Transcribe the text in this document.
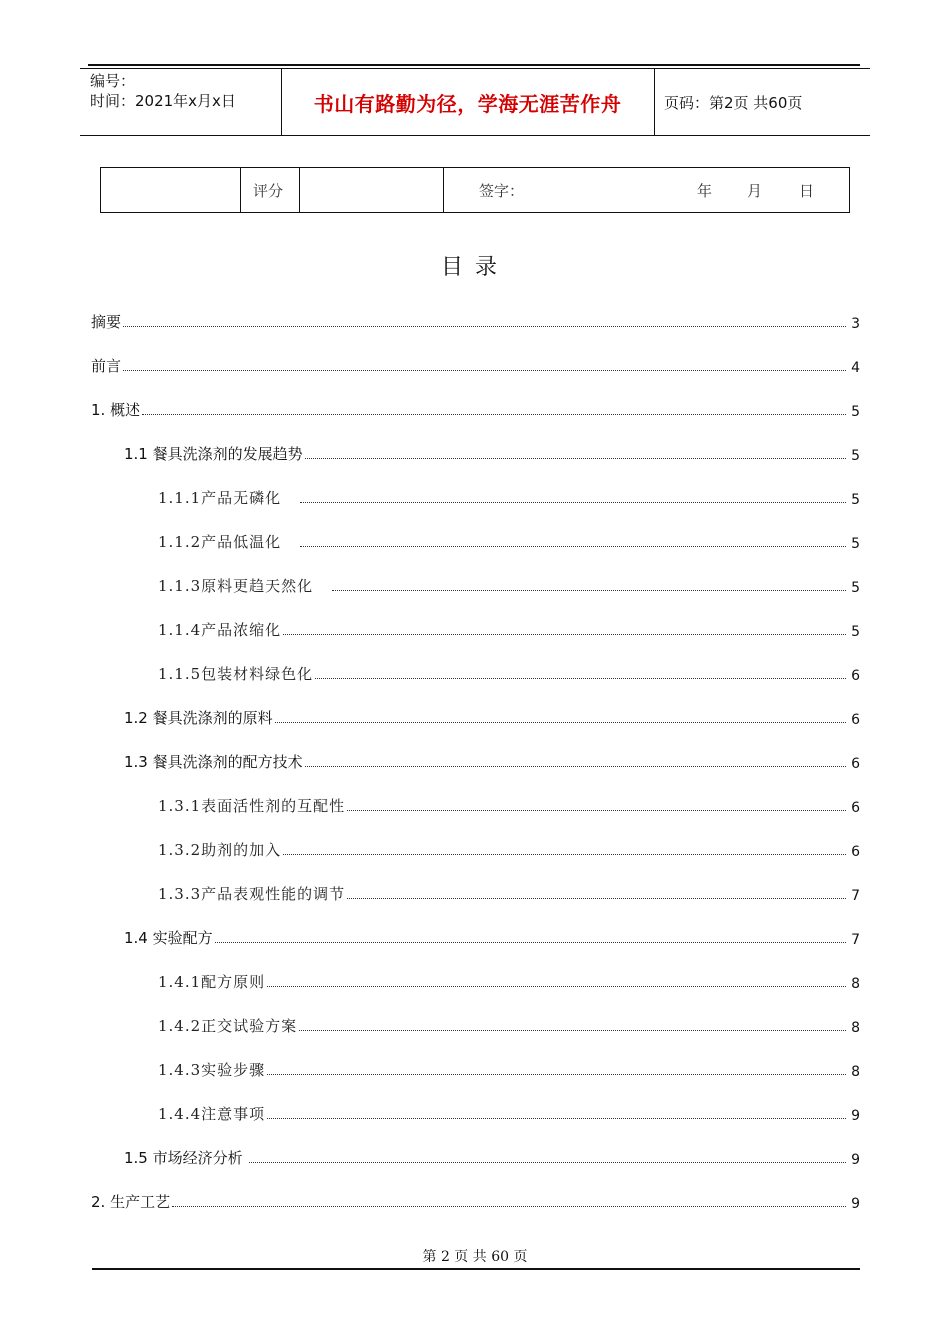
编号：
时间：2021年x月x日	书山有路勤为径，学海无涯苦作舟	页码：第2页 共60页
评分	签字：	年 月 日
目录
摘要	3
前言	4
1. 概述	5
1.1 餐具洗涤剂的发展趋势	5
1.1.1产品无磷化	5
1.1.2产品低温化	5
1.1.3原料更趋天然化	5
1.1.4产品浓缩化	5
1.1.5包装材料绿色化	6
1.2 餐具洗涤剂的原料	6
1.3 餐具洗涤剂的配方技术	6
1.3.1表面活性剂的互配性	6
1.3.2助剂的加入	6
1.3.3产品表观性能的调节	7
1.4 实验配方	7
1.4.1配方原则	8
1.4.2正交试验方案	8
1.4.3实验步骤	8
1.4.4注意事项	9
1.5 市场经济分析	9
2. 生产工艺	9
第 2 页 共 60 页
